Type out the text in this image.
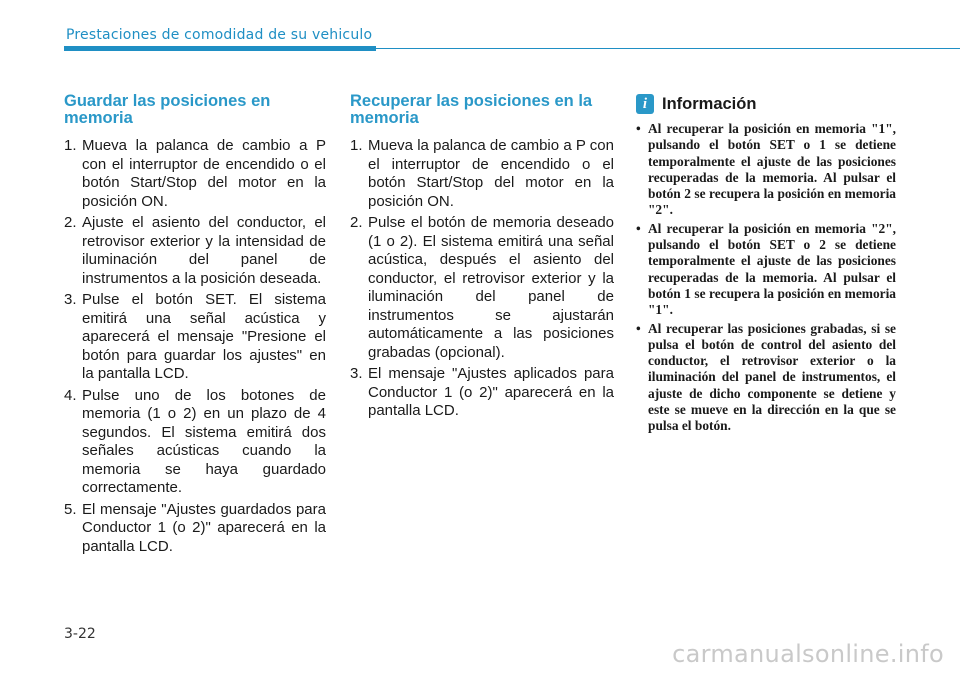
Prestaciones de comodidad de su vehiculo
Guardar las posiciones en memoria
1. Mueva la palanca de cambio a P con el interruptor de encendido o el botón Start/Stop del motor en la posición ON.
2. Ajuste el asiento del conductor, el retrovisor exterior y la intensidad de iluminación del panel de instrumentos a la posición deseada.
3. Pulse el botón SET. El sistema emitirá una señal acústica y aparecerá el mensaje "Presione el botón para guardar los ajustes" en la pantalla LCD.
4. Pulse uno de los botones de memoria (1 o 2) en un plazo de 4 segundos. El sistema emitirá dos señales acústicas cuando la memoria se haya guardado correctamente.
5. El mensaje "Ajustes guardados para Conductor 1 (o 2)" aparecerá en la pantalla LCD.
Recuperar las posiciones en la memoria
1. Mueva la palanca de cambio a P con el interruptor de encendido o el botón Start/Stop del motor en la posición ON.
2. Pulse el botón de memoria deseado (1 o 2). El sistema emitirá una señal acústica, después el asiento del conductor, el retrovisor exterior y la iluminación del panel de instrumentos se ajustarán automáticamente a las posiciones grabadas (opcional).
3. El mensaje "Ajustes aplicados para Conductor 1 (o 2)" aparecerá en la pantalla LCD.
i Información
• Al recuperar la posición en memoria "1", pulsando el botón SET o 1 se detiene temporalmente el ajuste de las posiciones recuperadas de la memoria. Al pulsar el botón 2 se recupera la posición en memoria "2".
• Al recuperar la posición en memoria "2", pulsando el botón SET o 2 se detiene temporalmente el ajuste de las posiciones recuperadas de la memoria. Al pulsar el botón 1 se recupera la posición en memoria "1".
• Al recuperar las posiciones grabadas, si se pulsa el botón de control del asiento del conductor, el retrovisor exterior o la iluminación del panel de instrumentos, el ajuste de dicho componente se detiene y este se mueve en la dirección en la que se pulsa el botón.
3-22
carmanualsonline.info
